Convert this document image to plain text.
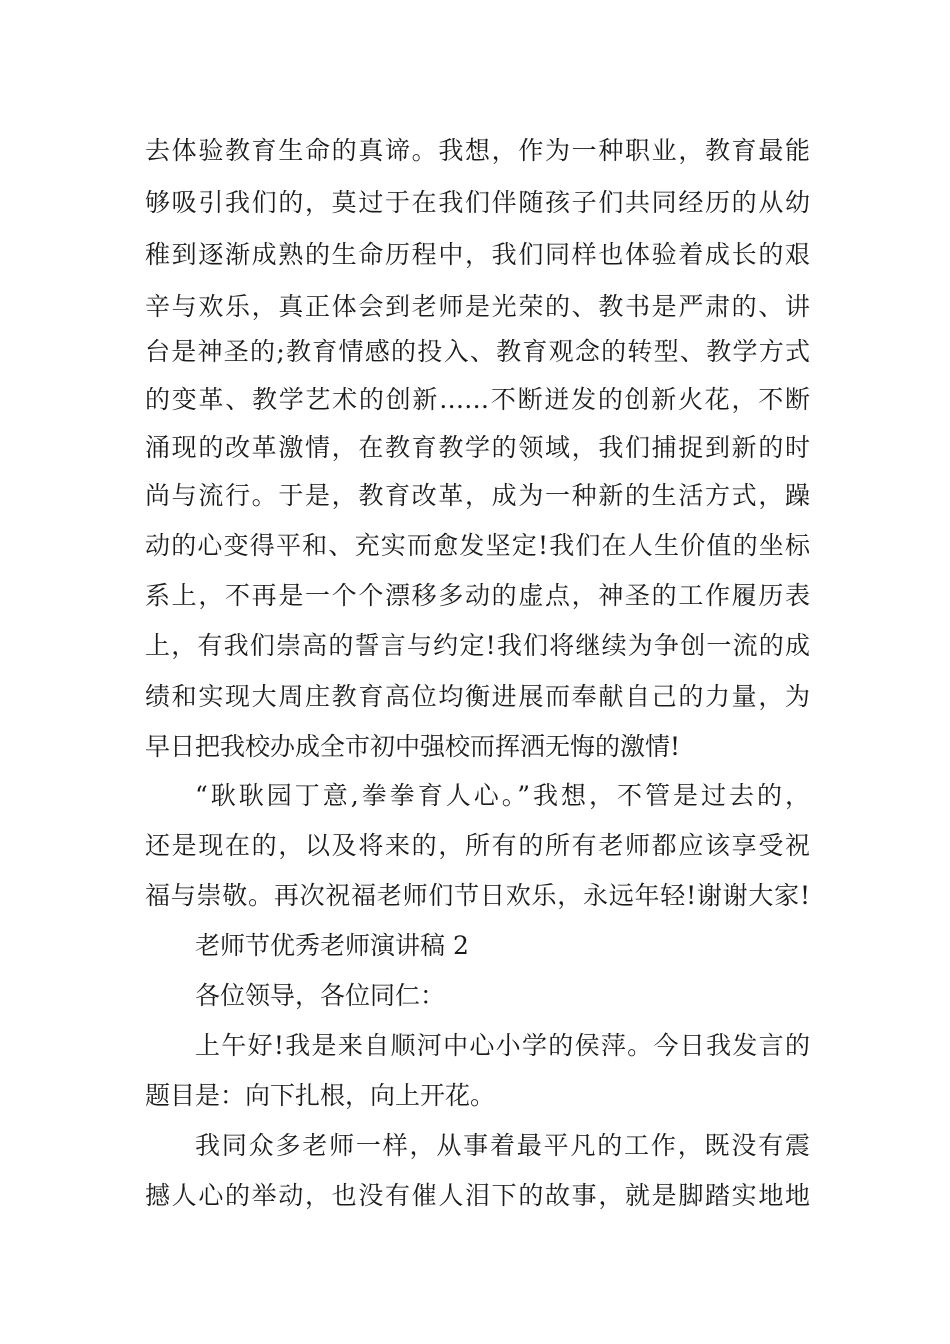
去体验教育生命的真谛。我想，作为一种职业，教育最能
够吸引我们的，莫过于在我们伴随孩子们共同经历的从幼
稚到逐渐成熟的生命历程中，我们同样也体验着成长的艰
辛与欢乐，真正体会到老师是光荣的、教书是严肃的、讲
台是神圣的;教育情感的投入、教育观念的转型、教学方式
的变革、教学艺术的创新……不断迸发的创新火花，不断
涌现的改革激情，在教育教学的领域，我们捕捉到新的时
尚与流行。于是，教育改革，成为一种新的生活方式，躁
动的心变得平和、充实而愈发坚定!我们在人生价值的坐标
系上，不再是一个个漂移多动的虚点，神圣的工作履历表
上，有我们崇高的誓言与约定!我们将继续为争创一流的成
绩和实现大周庄教育高位均衡进展而奉献自己的力量，为
早日把我校办成全市初中强校而挥洒无悔的激情!
“耿耿园丁意,拳拳育人心。”我想，不管是过去的，
还是现在的，以及将来的，所有的所有老师都应该享受祝
福与崇敬。再次祝福老师们节日欢乐，永远年轻!谢谢大家!
老师节优秀老师演讲稿 2
各位领导，各位同仁：
上午好!我是来自顺河中心小学的侯萍。今日我发言的
题目是：向下扎根，向上开花。
我同众多老师一样，从事着最平凡的工作，既没有震
撼人心的举动，也没有催人泪下的故事，就是脚踏实地地
